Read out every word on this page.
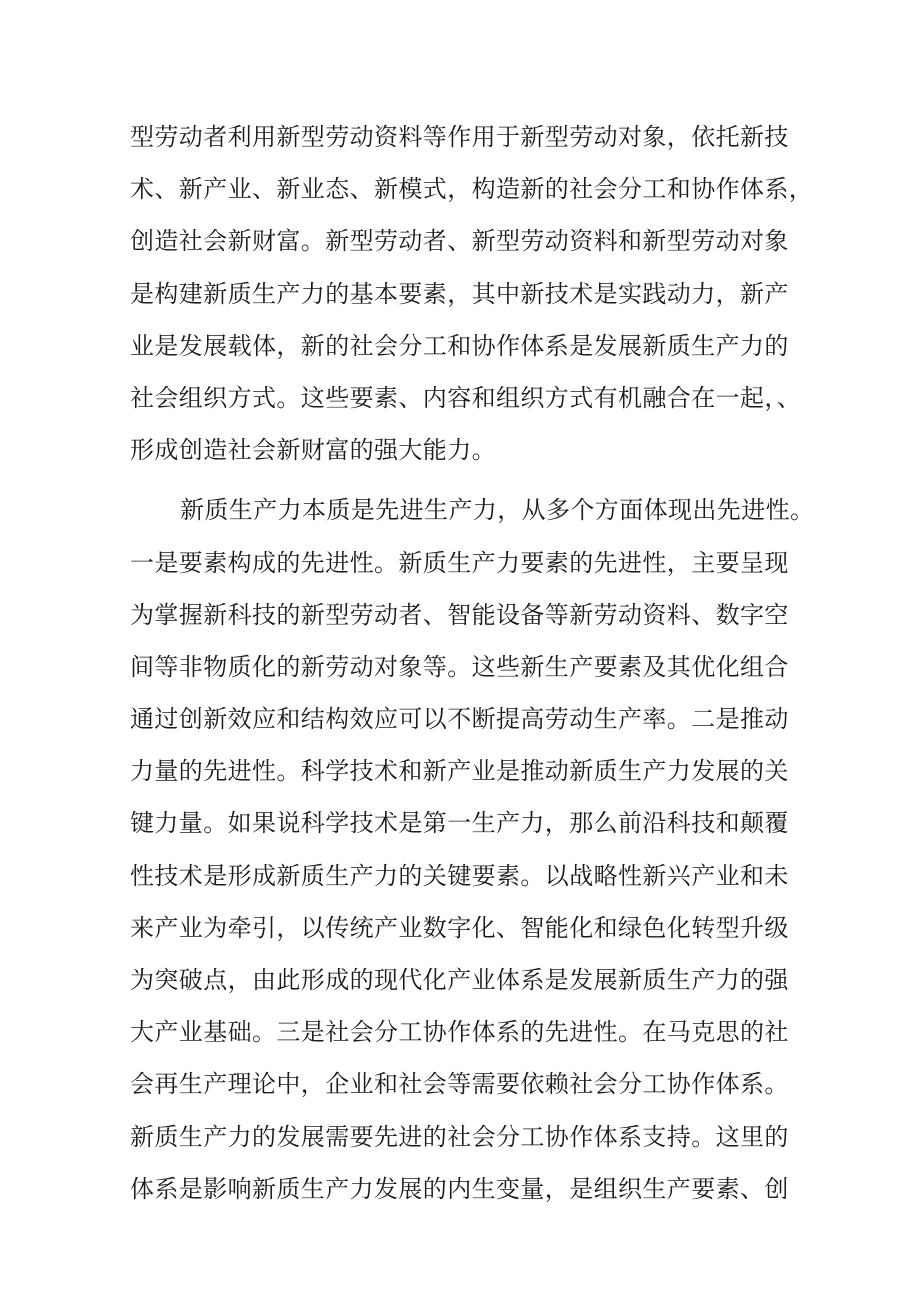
型劳动者利用新型劳动资料等作用于新型劳动对象，依托新技
术、新产业、新业态、新模式，构造新的社会分工和协作体系，
创造社会新财富。新型劳动者、新型劳动资料和新型劳动对象
是构建新质生产力的基本要素，其中新技术是实践动力，新产
业是发展载体，新的社会分工和协作体系是发展新质生产力的
社会组织方式。这些要素、内容和组织方式有机融合在一起，、
形成创造社会新财富的强大能力。
新质生产力本质是先进生产力，从多个方面体现出先进性。
一是要素构成的先进性。新质生产力要素的先进性，主要呈现
为掌握新科技的新型劳动者、智能设备等新劳动资料、数字空
间等非物质化的新劳动对象等。这些新生产要素及其优化组合
通过创新效应和结构效应可以不断提高劳动生产率。二是推动
力量的先进性。科学技术和新产业是推动新质生产力发展的关
键力量。如果说科学技术是第一生产力，那么前沿科技和颠覆
性技术是形成新质生产力的关键要素。以战略性新兴产业和未
来产业为牵引，以传统产业数字化、智能化和绿色化转型升级
为突破点，由此形成的现代化产业体系是发展新质生产力的强
大产业基础。三是社会分工协作体系的先进性。在马克思的社
会再生产理论中，企业和社会等需要依赖社会分工协作体系。
新质生产力的发展需要先进的社会分工协作体系支持。这里的
体系是影响新质生产力发展的内生变量，是组织生产要素、创
